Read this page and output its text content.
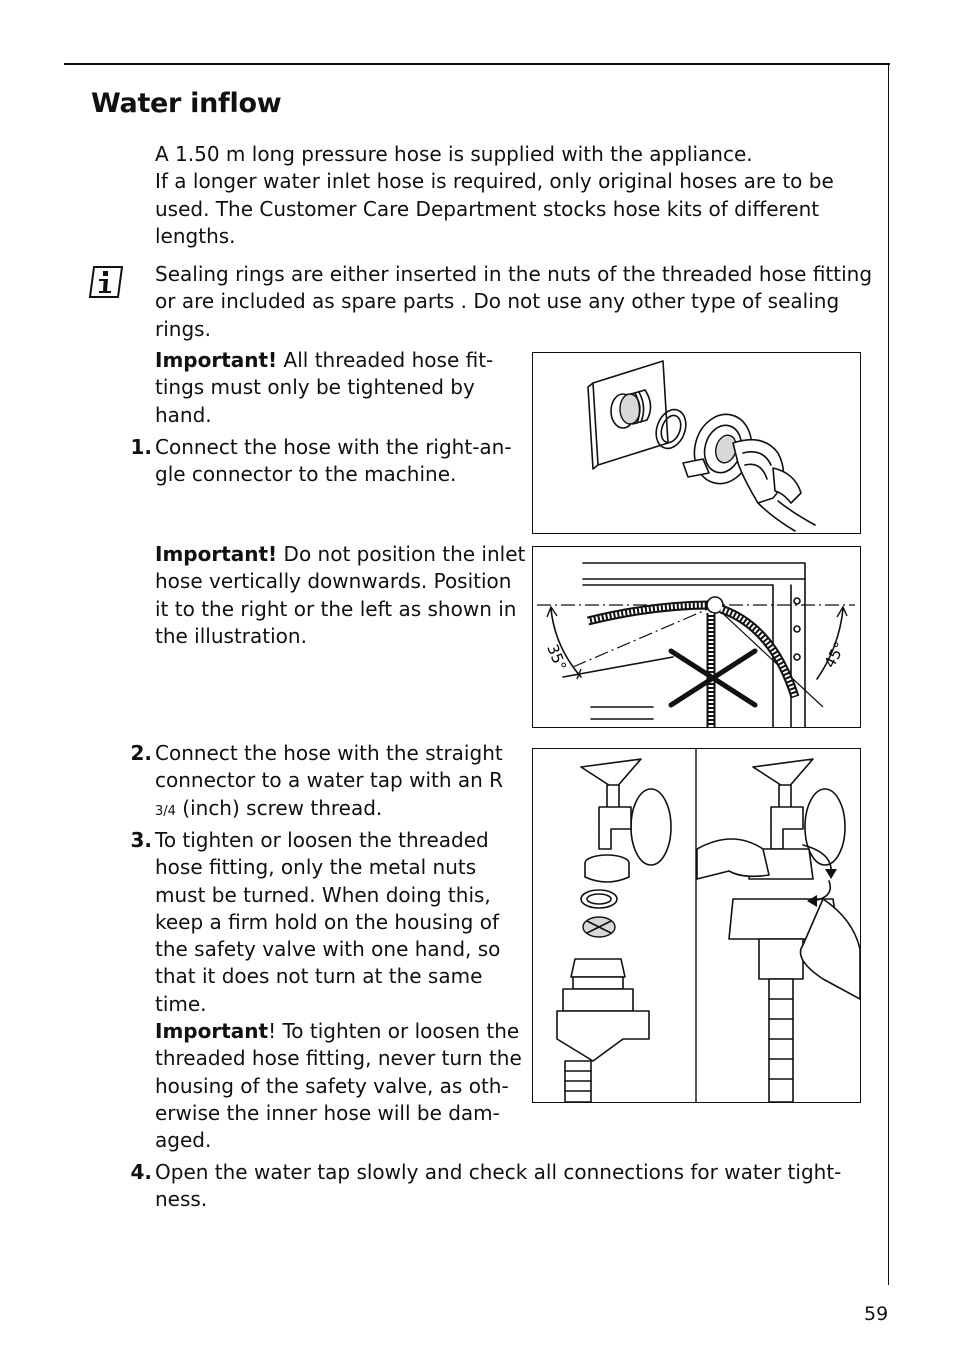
Water inflow
A 1.50 m long pressure hose is supplied with the appliance.
If a longer water inlet hose is required, only original hoses are to be
used. The Customer Care Department stocks hose kits of different
lengths.
Sealing rings are either inserted in the nuts of the threaded hose fitting
or are included as spare parts . Do not use any other type of sealing
rings.
Important! All threaded hose fit-
tings must only be tightened by
hand.
1. Connect the hose with the right-an-
gle connector to the machine.
Important! Do not position the inlet
hose vertically downwards. Position
it to the right or the left as shown in
the illustration.
2. Connect the hose with the straight
connector to a water tap with an R
3/4 (inch) screw thread.
3. To tighten or loosen the threaded
hose fitting, only the metal nuts
must be turned. When doing this,
keep a firm hold on the housing of
the safety valve with one hand, so
that it does not turn at the same
time.
Important! To tighten or loosen the
threaded hose fitting, never turn the
housing of the safety valve, as oth-
erwise the inner hose will be dam-
aged.
4. Open the water tap slowly and check all connections for water tight-
ness.
35°	45°
59
